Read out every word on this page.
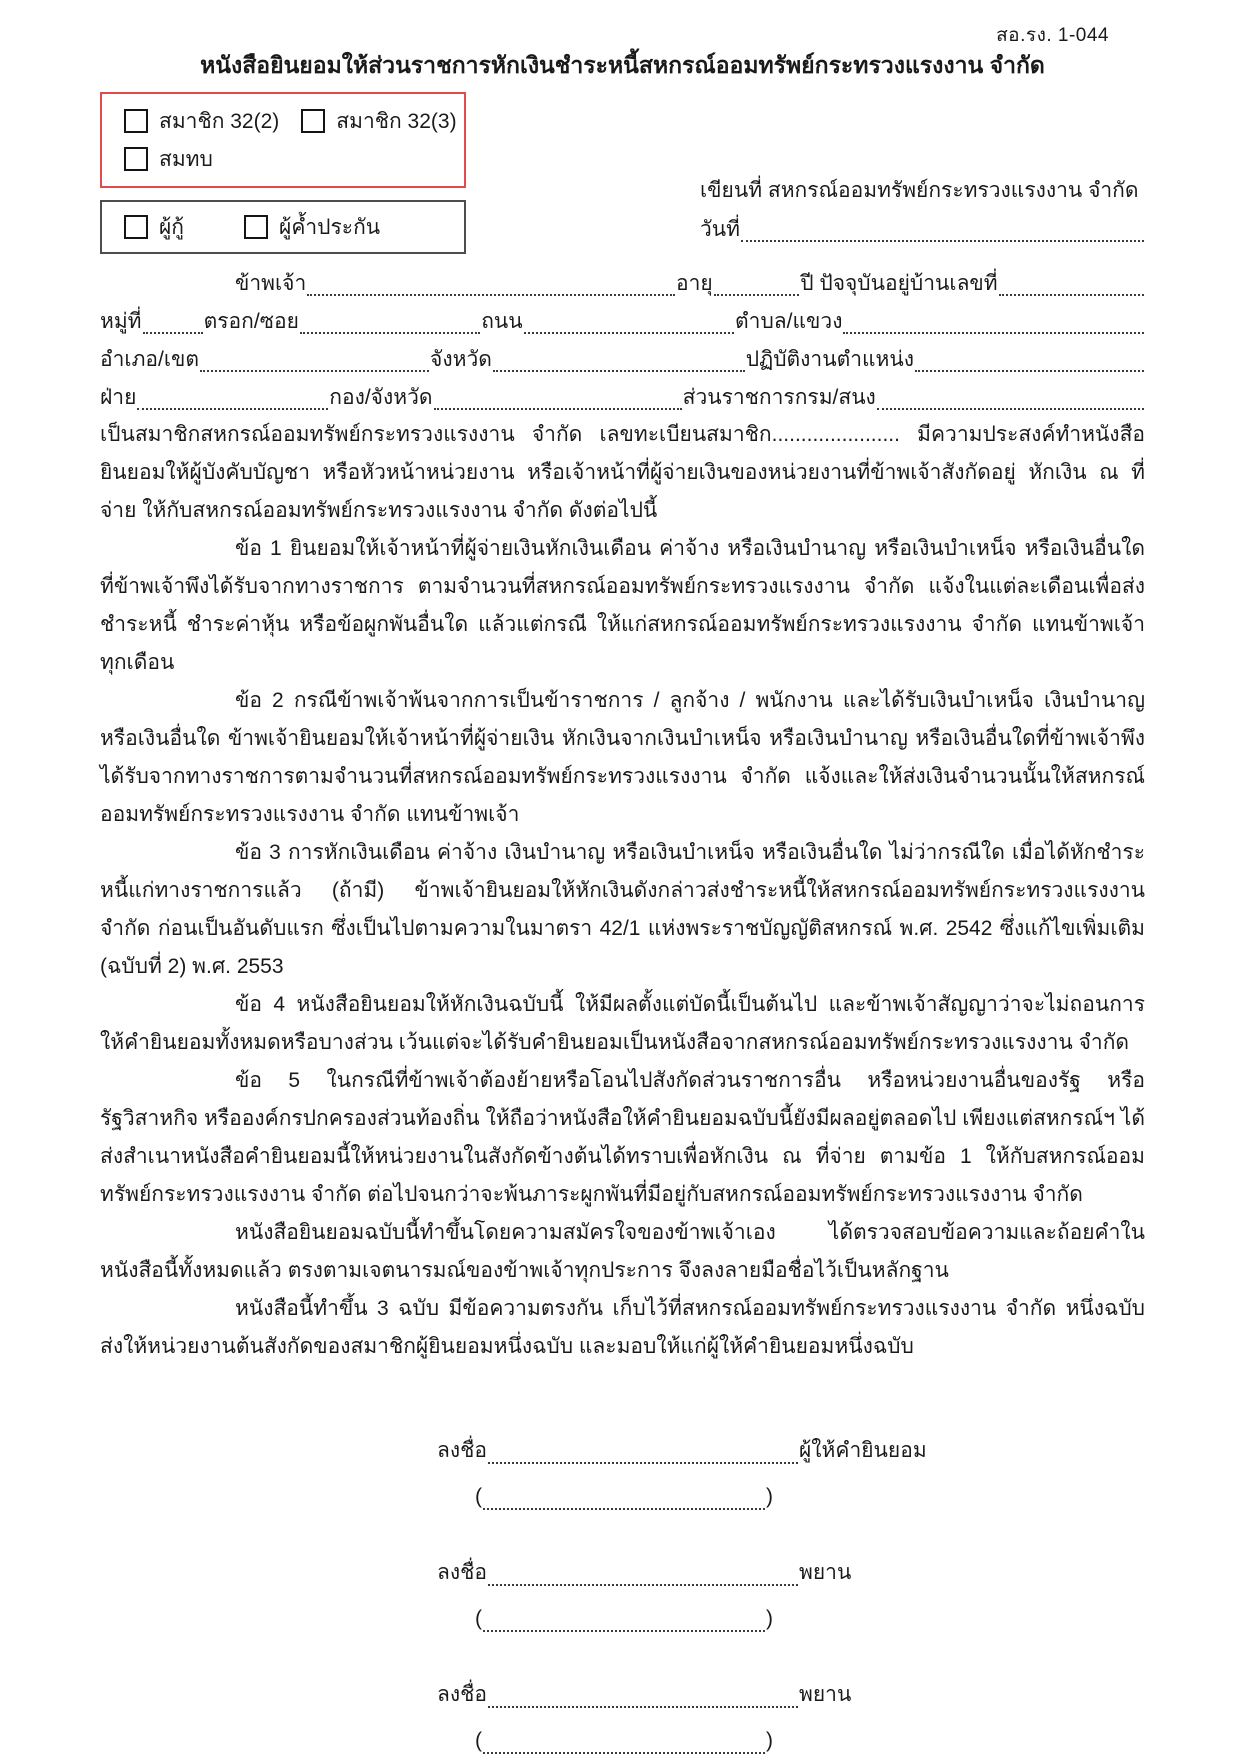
สอ.รง. 1-044
หนังสือยินยอมให้ส่วนราชการหักเงินชำระหนี้สหกรณ์ออมทรัพย์กระทรวงแรงงาน จำกัด
สมาชิก 32(2)	สมาชิก 32(3)
สมทบ
ผู้กู้	ผู้ค้ำประกัน
เขียนที่ สหกรณ์ออมทรัพย์กระทรวงแรงงาน จำกัด
วันที่
ข้าพเจ้า	อายุ	ปี ปัจจุบันอยู่บ้านเลขที่
หมู่ที่	ตรอก/ซอย	ถนน	ตำบล/แขวง
อำเภอ/เขต	จังหวัด	ปฏิบัติงานตำแหน่ง
ฝ่าย	กอง/จังหวัด	ส่วนราชการกรม/สนง

เป็นสมาชิกสหกรณ์ออมทรัพย์กระทรวงแรงงาน จำกัด เลขทะเบียนสมาชิก...................... มีความประสงค์ทำหนังสือยินยอมให้ผู้บังคับบัญชา หรือหัวหน้าหน่วยงาน หรือเจ้าหน้าที่ผู้จ่ายเงินของหน่วยงานที่ข้าพเจ้าสังกัดอยู่ หักเงิน ณ ที่จ่าย ให้กับสหกรณ์ออมทรัพย์กระทรวงแรงงาน จำกัด ดังต่อไปนี้

ข้อ 1 ยินยอมให้เจ้าหน้าที่ผู้จ่ายเงินหักเงินเดือน ค่าจ้าง หรือเงินบำนาญ หรือเงินบำเหน็จ หรือเงินอื่นใด ที่ข้าพเจ้าพึงได้รับจากทางราชการ ตามจำนวนที่สหกรณ์ออมทรัพย์กระทรวงแรงงาน จำกัด แจ้งในแต่ละเดือนเพื่อส่งชำระหนี้ ชำระค่าหุ้น หรือข้อผูกพันอื่นใด แล้วแต่กรณี ให้แก่สหกรณ์ออมทรัพย์กระทรวงแรงงาน จำกัด แทนข้าพเจ้าทุกเดือน

ข้อ 2 กรณีข้าพเจ้าพ้นจากการเป็นข้าราชการ / ลูกจ้าง / พนักงาน และได้รับเงินบำเหน็จ เงินบำนาญ หรือเงินอื่นใด ข้าพเจ้ายินยอมให้เจ้าหน้าที่ผู้จ่ายเงิน หักเงินจากเงินบำเหน็จ หรือเงินบำนาญ หรือเงินอื่นใดที่ข้าพเจ้าพึงได้รับจากทางราชการตามจำนวนที่สหกรณ์ออมทรัพย์กระทรวงแรงงาน จำกัด แจ้งและให้ส่งเงินจำนวนนั้นให้สหกรณ์ออมทรัพย์กระทรวงแรงงาน จำกัด แทนข้าพเจ้า

ข้อ 3 การหักเงินเดือน ค่าจ้าง เงินบำนาญ หรือเงินบำเหน็จ หรือเงินอื่นใด ไม่ว่ากรณีใด เมื่อได้หักชำระหนี้แก่ทางราชการแล้ว (ถ้ามี) ข้าพเจ้ายินยอมให้หักเงินดังกล่าวส่งชำระหนี้ให้สหกรณ์ออมทรัพย์กระทรวงแรงงาน จำกัด ก่อนเป็นอันดับแรก ซึ่งเป็นไปตามความในมาตรา 42/1 แห่งพระราชบัญญัติสหกรณ์ พ.ศ. 2542 ซึ่งแก้ไขเพิ่มเติม (ฉบับที่ 2) พ.ศ. 2553

ข้อ 4 หนังสือยินยอมให้หักเงินฉบับนี้ ให้มีผลตั้งแต่บัดนี้เป็นต้นไป และข้าพเจ้าสัญญาว่าจะไม่ถอนการให้คำยินยอมทั้งหมดหรือบางส่วน เว้นแต่จะได้รับคำยินยอมเป็นหนังสือจากสหกรณ์ออมทรัพย์กระทรวงแรงงาน จำกัด

ข้อ 5 ในกรณีที่ข้าพเจ้าต้องย้ายหรือโอนไปสังกัดส่วนราชการอื่น หรือหน่วยงานอื่นของรัฐ หรือรัฐวิสาหกิจ หรือองค์กรปกครองส่วนท้องถิ่น ให้ถือว่าหนังสือให้คำยินยอมฉบับนี้ยังมีผลอยู่ตลอดไป เพียงแต่สหกรณ์ฯ ได้ส่งสำเนาหนังสือคำยินยอมนี้ให้หน่วยงานในสังกัดข้างต้นได้ทราบเพื่อหักเงิน ณ ที่จ่าย ตามข้อ 1 ให้กับสหกรณ์ออมทรัพย์กระทรวงแรงงาน จำกัด ต่อไปจนกว่าจะพ้นภาระผูกพันที่มีอยู่กับสหกรณ์ออมทรัพย์กระทรวงแรงงาน จำกัด

หนังสือยินยอมฉบับนี้ทำขึ้นโดยความสมัครใจของข้าพเจ้าเอง ได้ตรวจสอบข้อความและถ้อยคำในหนังสือนี้ทั้งหมดแล้ว ตรงตามเจตนารมณ์ของข้าพเจ้าทุกประการ จึงลงลายมือชื่อไว้เป็นหลักฐาน

หนังสือนี้ทำขึ้น 3 ฉบับ มีข้อความตรงกัน เก็บไว้ที่สหกรณ์ออมทรัพย์กระทรวงแรงงาน จำกัด หนึ่งฉบับ ส่งให้หน่วยงานต้นสังกัดของสมาชิกผู้ยินยอมหนึ่งฉบับ และมอบให้แก่ผู้ให้คำยินยอมหนึ่งฉบับ

ลงชื่อ	ผู้ให้คำยินยอม
(	)
ลงชื่อ	พยาน
(	)
ลงชื่อ	พยาน
(	)
